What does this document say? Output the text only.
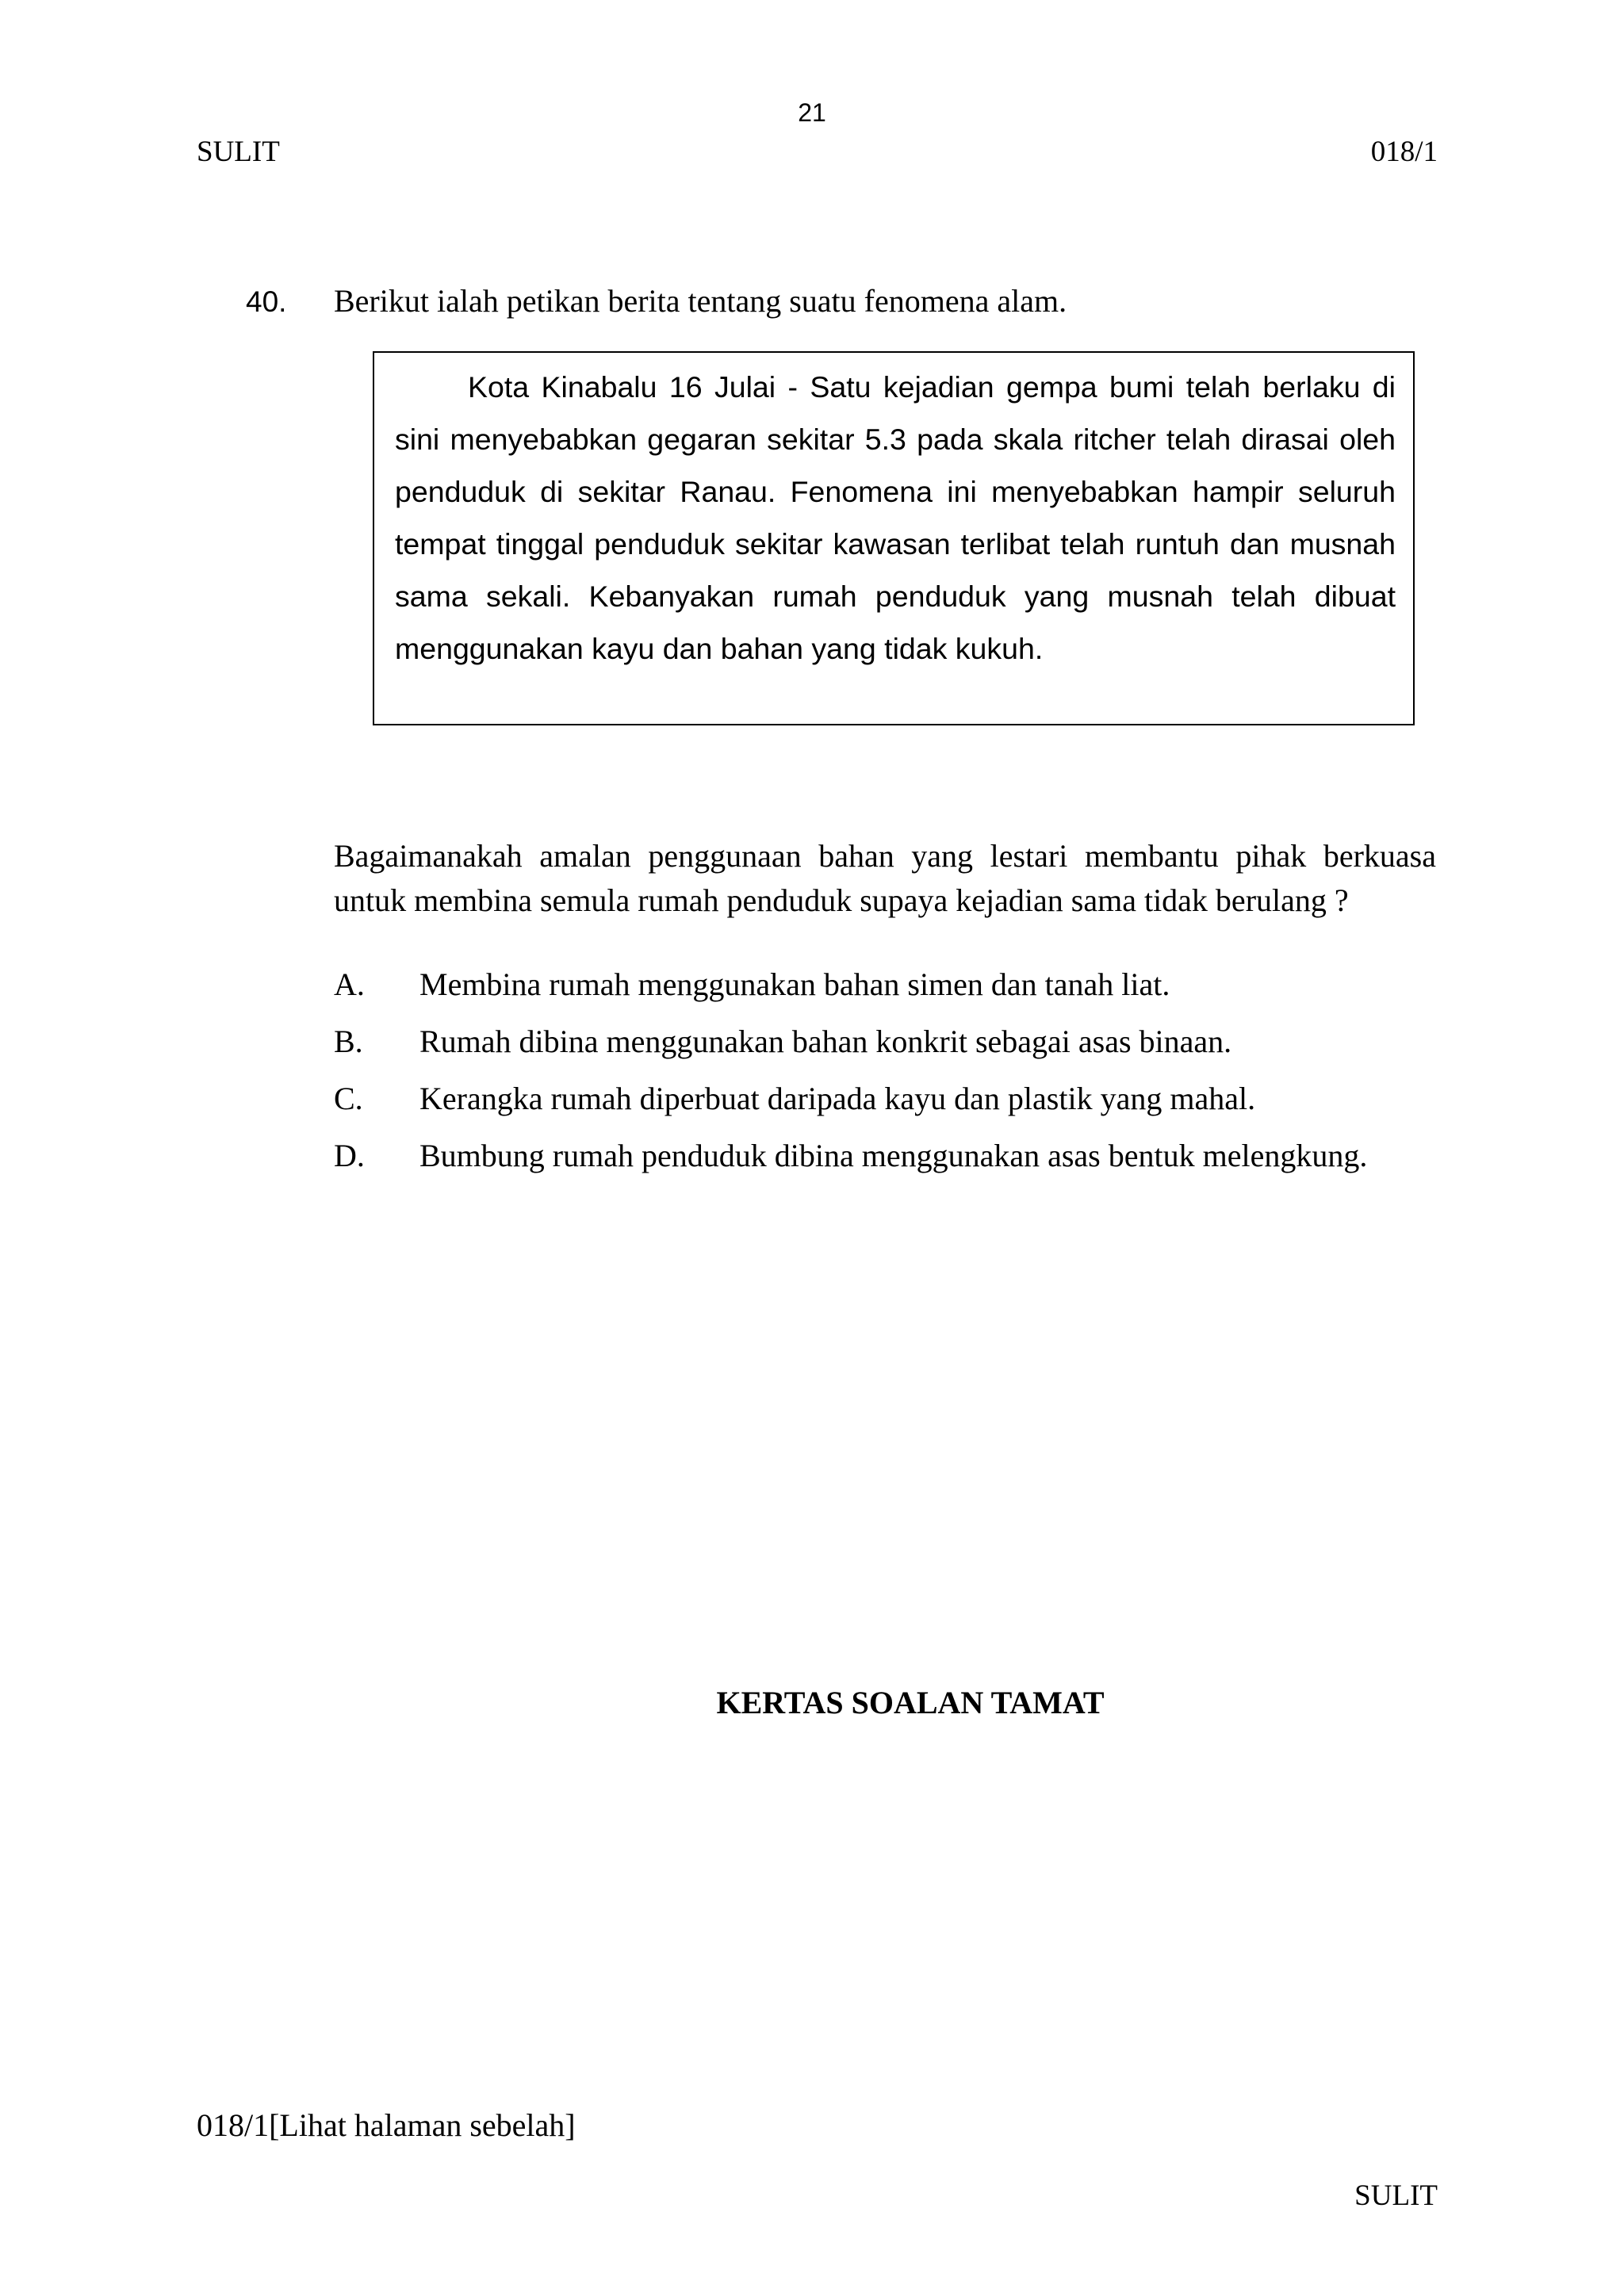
21
SULIT	018/1
40. Berikut ialah petikan berita tentang suatu fenomena alam.

Kota Kinabalu 16 Julai - Satu kejadian gempa bumi telah berlaku di sini menyebabkan gegaran sekitar 5.3 pada skala ritcher telah dirasai oleh penduduk di sekitar Ranau. Fenomena ini menyebabkan hampir seluruh tempat tinggal penduduk sekitar kawasan terlibat telah runtuh dan musnah sama sekali. Kebanyakan rumah penduduk yang musnah telah dibuat menggunakan kayu dan bahan yang tidak kukuh.

Bagaimanakah amalan penggunaan bahan yang lestari membantu pihak berkuasa untuk membina semula rumah penduduk supaya kejadian sama tidak berulang ?

A.	Membina rumah menggunakan bahan simen dan tanah liat.
B.	Rumah dibina menggunakan bahan konkrit sebagai asas binaan.
C.	Kerangka rumah diperbuat daripada kayu dan plastik yang mahal.
D.	Bumbung rumah penduduk dibina menggunakan asas bentuk melengkung.
KERTAS SOALAN TAMAT
018/1[Lihat halaman sebelah]
SULIT
